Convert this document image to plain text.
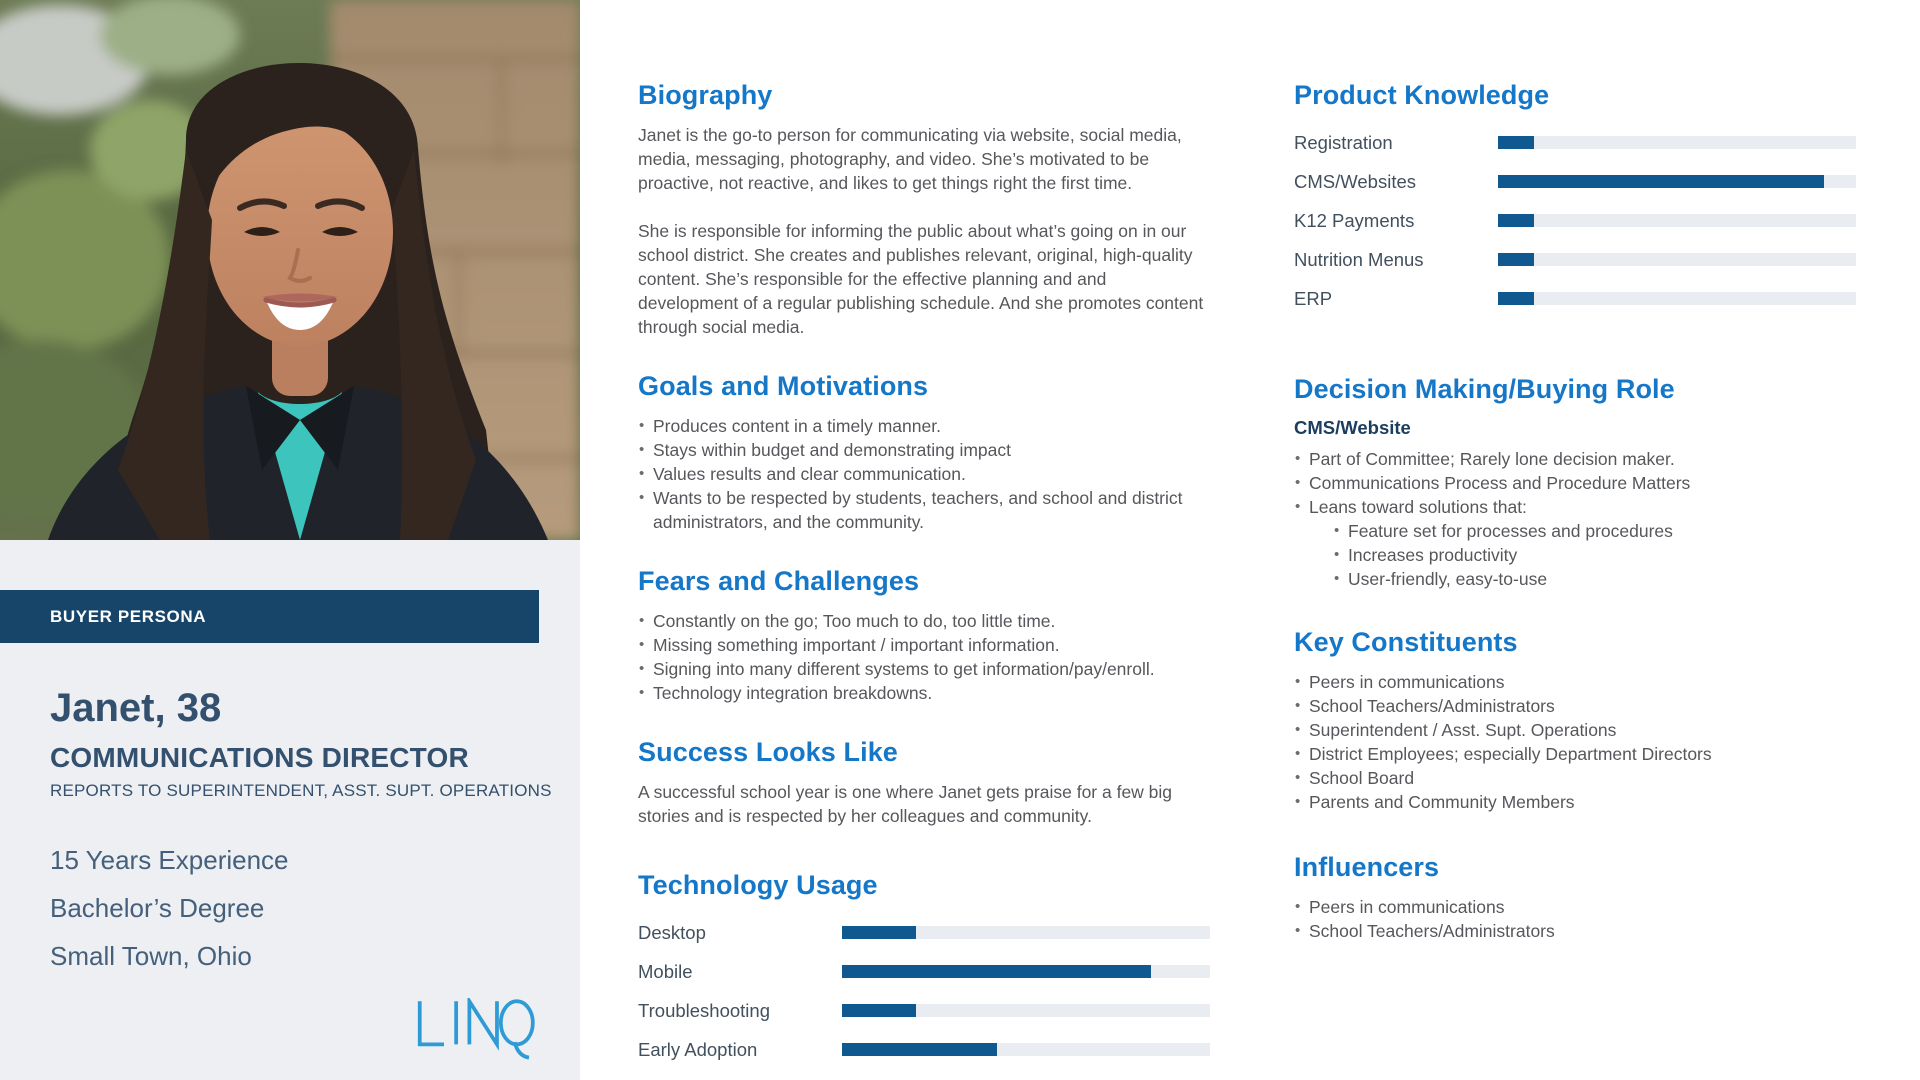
BUYER PERSONA
Janet, 38
COMMUNICATIONS DIRECTOR
REPORTS TO SUPERINTENDENT, ASST. SUPT. OPERATIONS
15 Years Experience
Bachelor’s Degree
Small Town, Ohio
Biography

Janet is the go-to person for communicating via website, social media, media, messaging, photography, and video. She’s motivated to be proactive, not reactive, and likes to get things right the first time.

She is responsible for informing the public about what’s going on in our school district. She creates and publishes relevant, original, high-quality content. She’s responsible for the effective planning and and development of a regular publishing schedule. And she promotes content through social media.

Goals and Motivations
• Produces content in a timely manner.
• Stays within budget and demonstrating impact
• Values results and clear communication.
• Wants to be respected by students, teachers, and school and district administrators, and the community.
Fears and Challenges
• Constantly on the go; Too much to do, too little time.
• Missing something important / important information.
• Signing into many different systems to get information/pay/enroll.
• Technology integration breakdowns.
Success Looks Like

A successful school year is one where Janet gets praise for a few big stories and is respected by her colleagues and community.

Technology Usage
Desktop
Mobile
Troubleshooting
Early Adoption
Product Knowledge
Registration
CMS/Websites
K12 Payments
Nutrition Menus
ERP
Decision Making/Buying Role
CMS/Website
• Part of Committee; Rarely lone decision maker.
• Communications Process and Procedure Matters
• Leans toward solutions that:
• Feature set for processes and procedures
• Increases productivity
• User-friendly, easy-to-use
Key Constituents
• Peers in communications
• School Teachers/Administrators
• Superintendent / Asst. Supt. Operations
• District Employees; especially Department Directors
• School Board
• Parents and Community Members
Influencers
• Peers in communications
• School Teachers/Administrators
